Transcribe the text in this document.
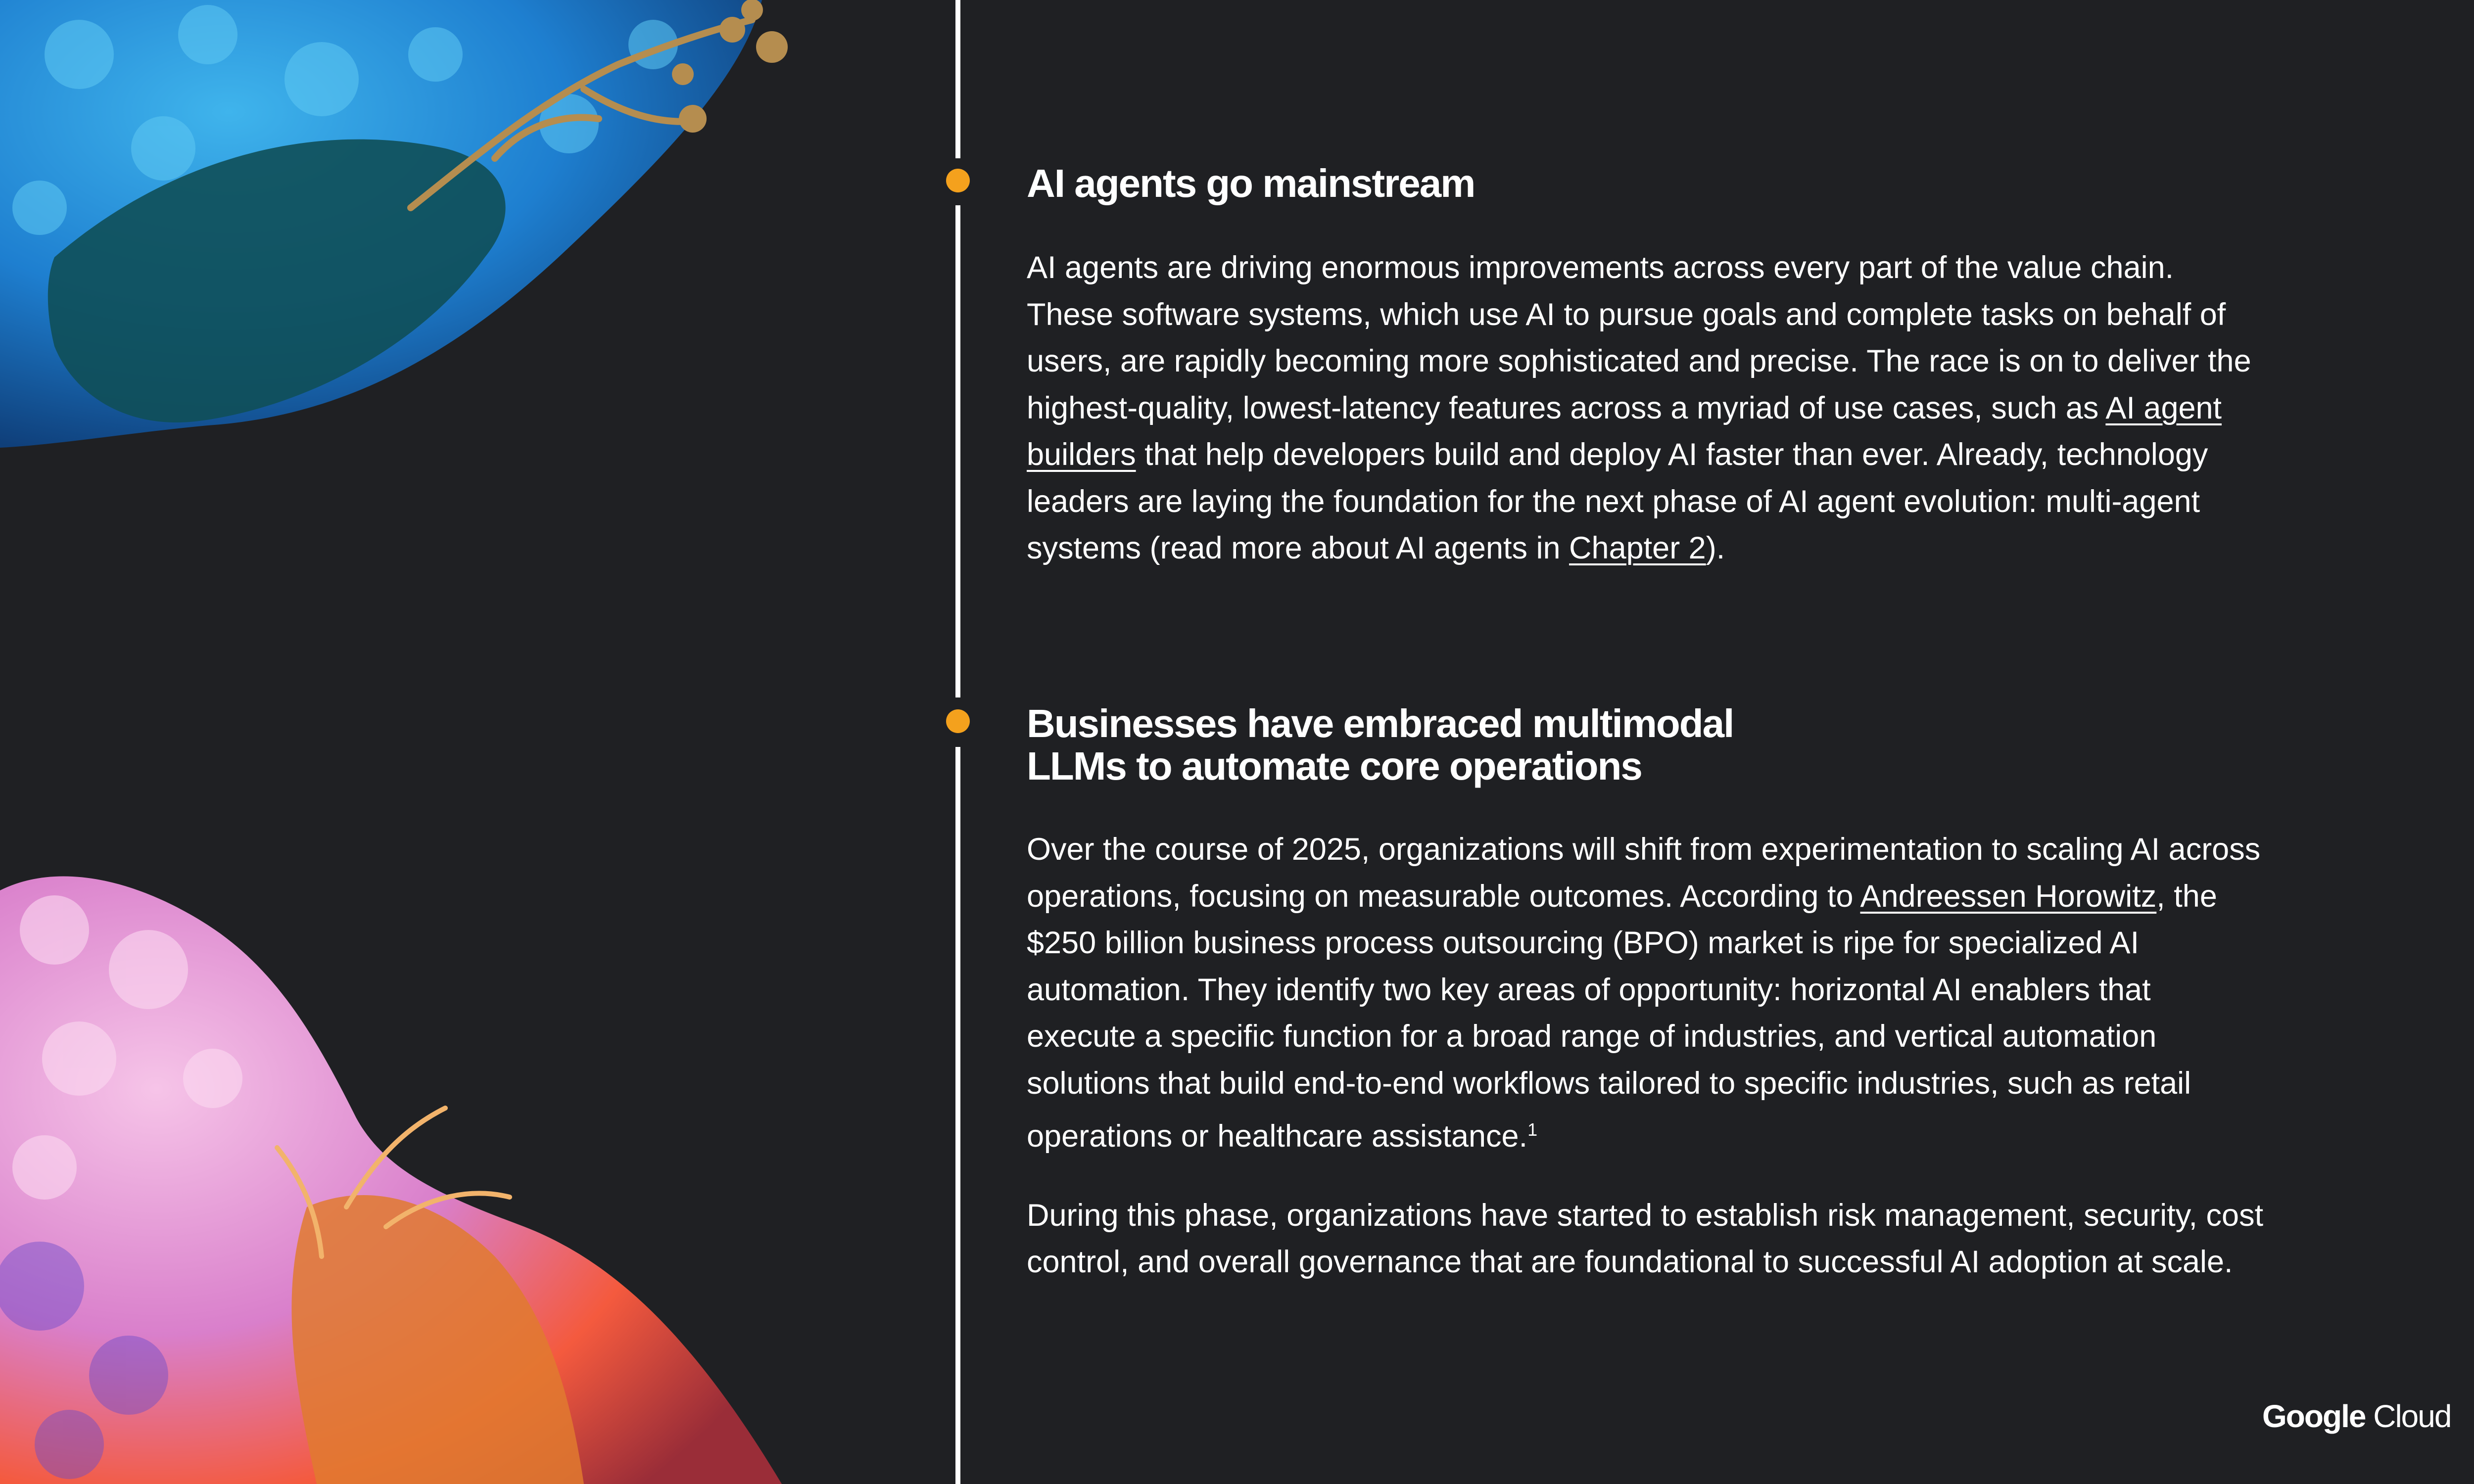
AI agents go mainstream

AI agents are driving enormous improvements across every part of the value chain. These software systems, which use AI to pursue goals and complete tasks on behalf of users, are rapidly becoming more sophisticated and precise. The race is on to deliver the highest-quality, lowest-latency features across a myriad of use cases, such as AI agent builders that help developers build and deploy AI faster than ever. Already, technology leaders are laying the foundation for the next phase of AI agent evolution: multi-agent systems (read more about AI agents in Chapter 2).

Businesses have embraced multimodal
LLMs to automate core operations

Over the course of 2025, organizations will shift from experimentation to scaling AI across operations, focusing on measurable outcomes. According to Andreessen Horowitz, the $250 billion business process outsourcing (BPO) market is ripe for specialized AI automation. They identify two key areas of opportunity: horizontal AI enablers that execute a specific function for a broad range of industries, and vertical automation solutions that build end-to-end workflows tailored to specific industries, such as retail operations or healthcare assistance.$^1$

During this phase, organizations have started to establish risk management, security, cost control, and overall governance that are foundational to successful AI adoption at scale.

Google Cloud
